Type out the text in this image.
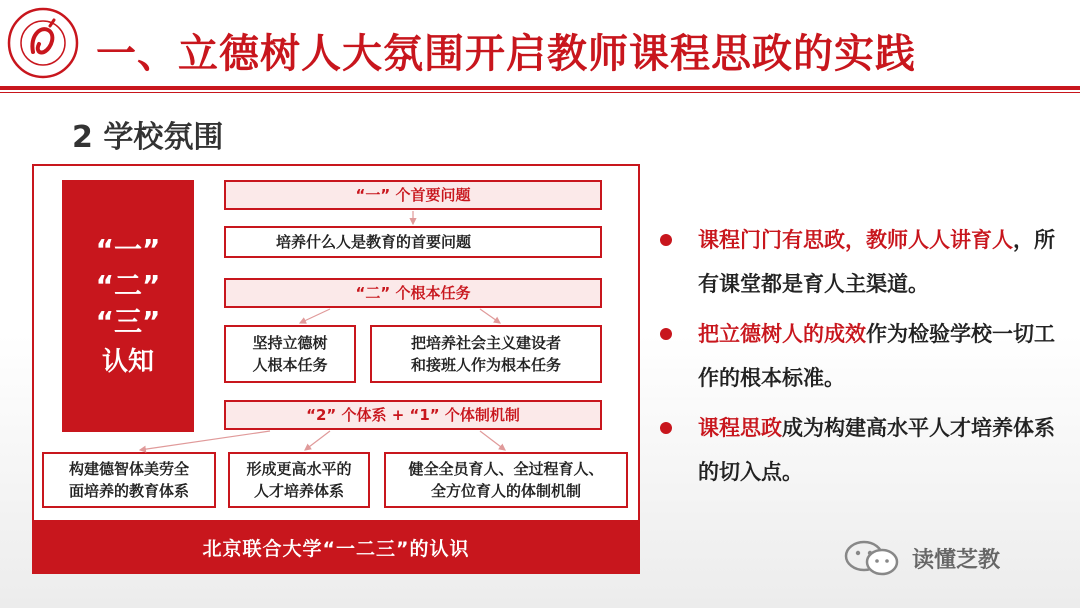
一、立德树人大氛围开启教师课程思政的实践
2 学校氛围
“一”
“二”
“三”
认知
“一” 个首要问题
培养什么人是教育的首要问题
“二” 个根本任务
坚持立德树
人根本任务
把培养社会主义建设者
和接班人作为根本任务
“2” 个体系 + “1” 个体制机制
构建德智体美劳全
面培养的教育体系
形成更高水平的
人才培养体系
健全全员育人、全过程育人、
全方位育人的体制机制
北京联合大学“一二三”的认识
课程门门有思政，教师人人讲育人，所有课堂都是育人主渠道。
把立德树人的成效作为检验学校一切工作的根本标准。
课程思政成为构建高水平人才培养体系的切入点。
读懂芝教
